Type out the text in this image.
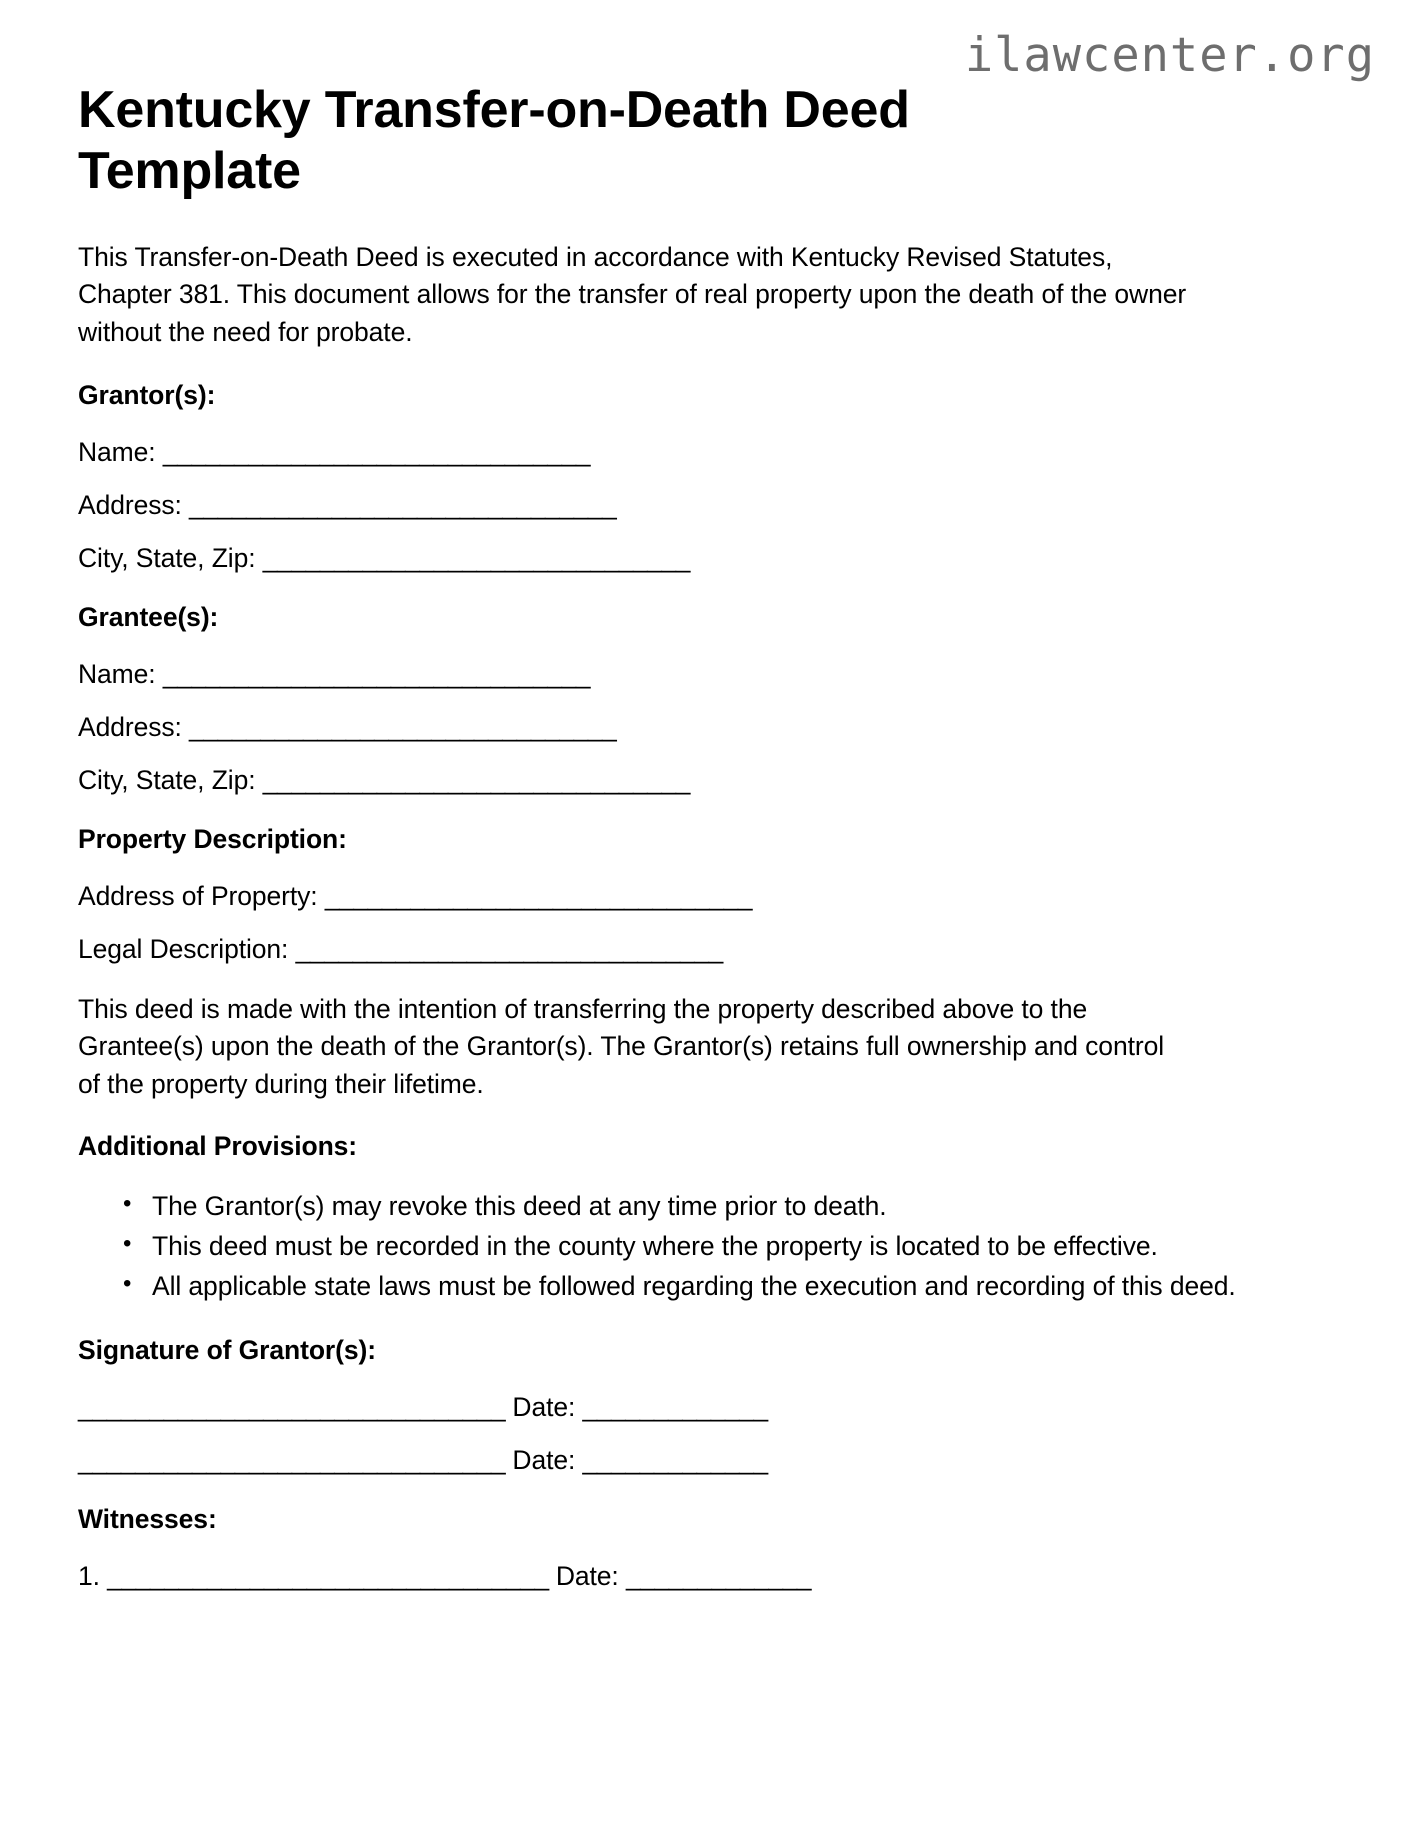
ilawcenter.org
Kentucky Transfer-on-Death Deed Template

This Transfer-on-Death Deed is executed in accordance with Kentucky Revised Statutes, Chapter 381. This document allows for the transfer of real property upon the death of the owner without the need for probate.

Grantor(s):

Name: ______________________________

Address: ______________________________

City, State, Zip: ______________________________

Grantee(s):

Name: ______________________________

Address: ______________________________

City, State, Zip: ______________________________

Property Description:

Address of Property: ______________________________

Legal Description: ______________________________

This deed is made with the intention of transferring the property described above to the Grantee(s) upon the death of the Grantor(s). The Grantor(s) retains full ownership and control of the property during their lifetime.

Additional Provisions:
• The Grantor(s) may revoke this deed at any time prior to death.
• This deed must be recorded in the county where the property is located to be effective.
• All applicable state laws must be followed regarding the execution and recording of this deed.
Signature of Grantor(s):

______________________________ Date: _____________

______________________________ Date: _____________

Witnesses:

1. _______________________________ Date: _____________
